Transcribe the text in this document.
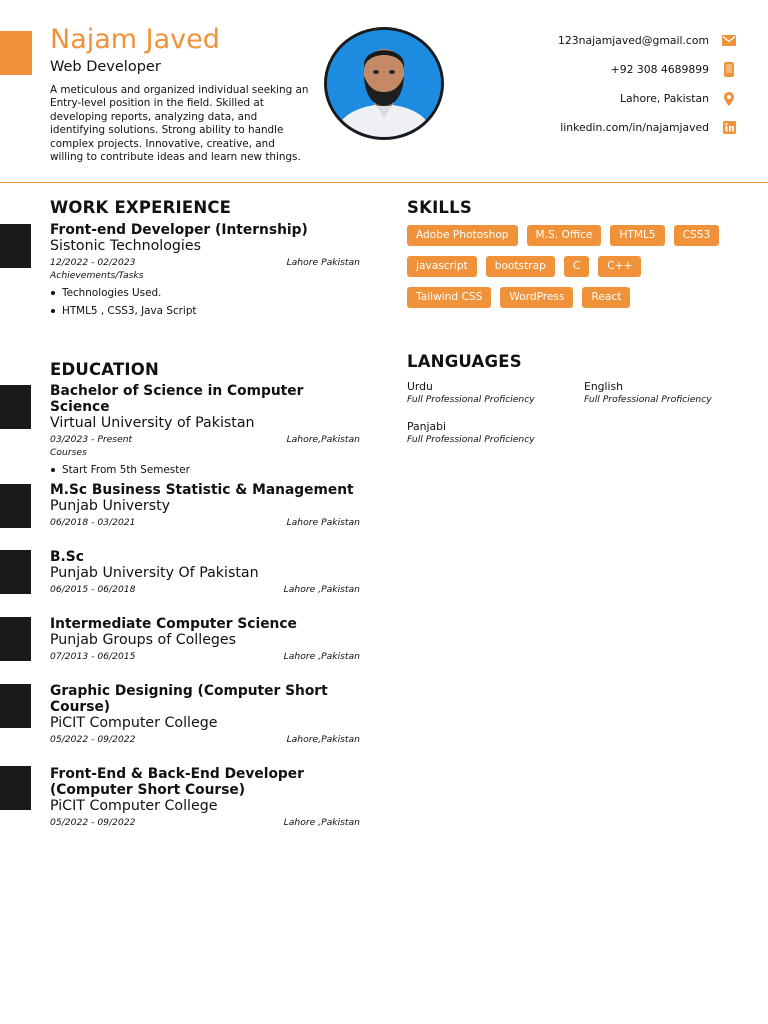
Najam Javed
Web Developer

A meticulous and organized individual seeking an Entry-level position in the field. Skilled at developing reports, analyzing data, and identifying solutions. Strong ability to handle complex projects. Innovative, creative, and willing to contribute ideas and learn new things.

123najamjaved@gmail.com
+92 308 4689899
Lahore, Pakistan
linkedin.com/in/najamjaved
WORK EXPERIENCE
Front-end Developer (Internship)
Sistonic Technologies
12/2022 - 02/2023	Lahore Pakistan
Achievements/Tasks
Technologies Used.
HTML5 , CSS3, Java Script
EDUCATION
Bachelor of Science in Computer Science
Virtual University of Pakistan
03/2023 - Present	Lahore,Pakistan
Courses
Start From 5th Semester
M.Sc Business Statistic & Management
Punjab Universty
06/2018 - 03/2021	Lahore Pakistan
B.Sc
Punjab University Of Pakistan
06/2015 - 06/2018	Lahore ,Pakistan
Intermediate Computer Science
Punjab Groups of Colleges
07/2013 - 06/2015	Lahore ,Pakistan
Graphic Designing (Computer Short Course)
PiCIT Computer College
05/2022 - 09/2022	Lahore,Pakistan
Front-End & Back-End Developer (Computer Short Course)
PiCIT Computer College
05/2022 - 09/2022	Lahore ,Pakistan
SKILLS
Adobe Photoshop	M.S. Office	HTML5	CSS3
javascript	bootstrap	C	C++
Tailwind CSS	WordPress	React
LANGUAGES
Urdu
Full Professional Proficiency
English
Full Professional Proficiency
Panjabi
Full Professional Proficiency
